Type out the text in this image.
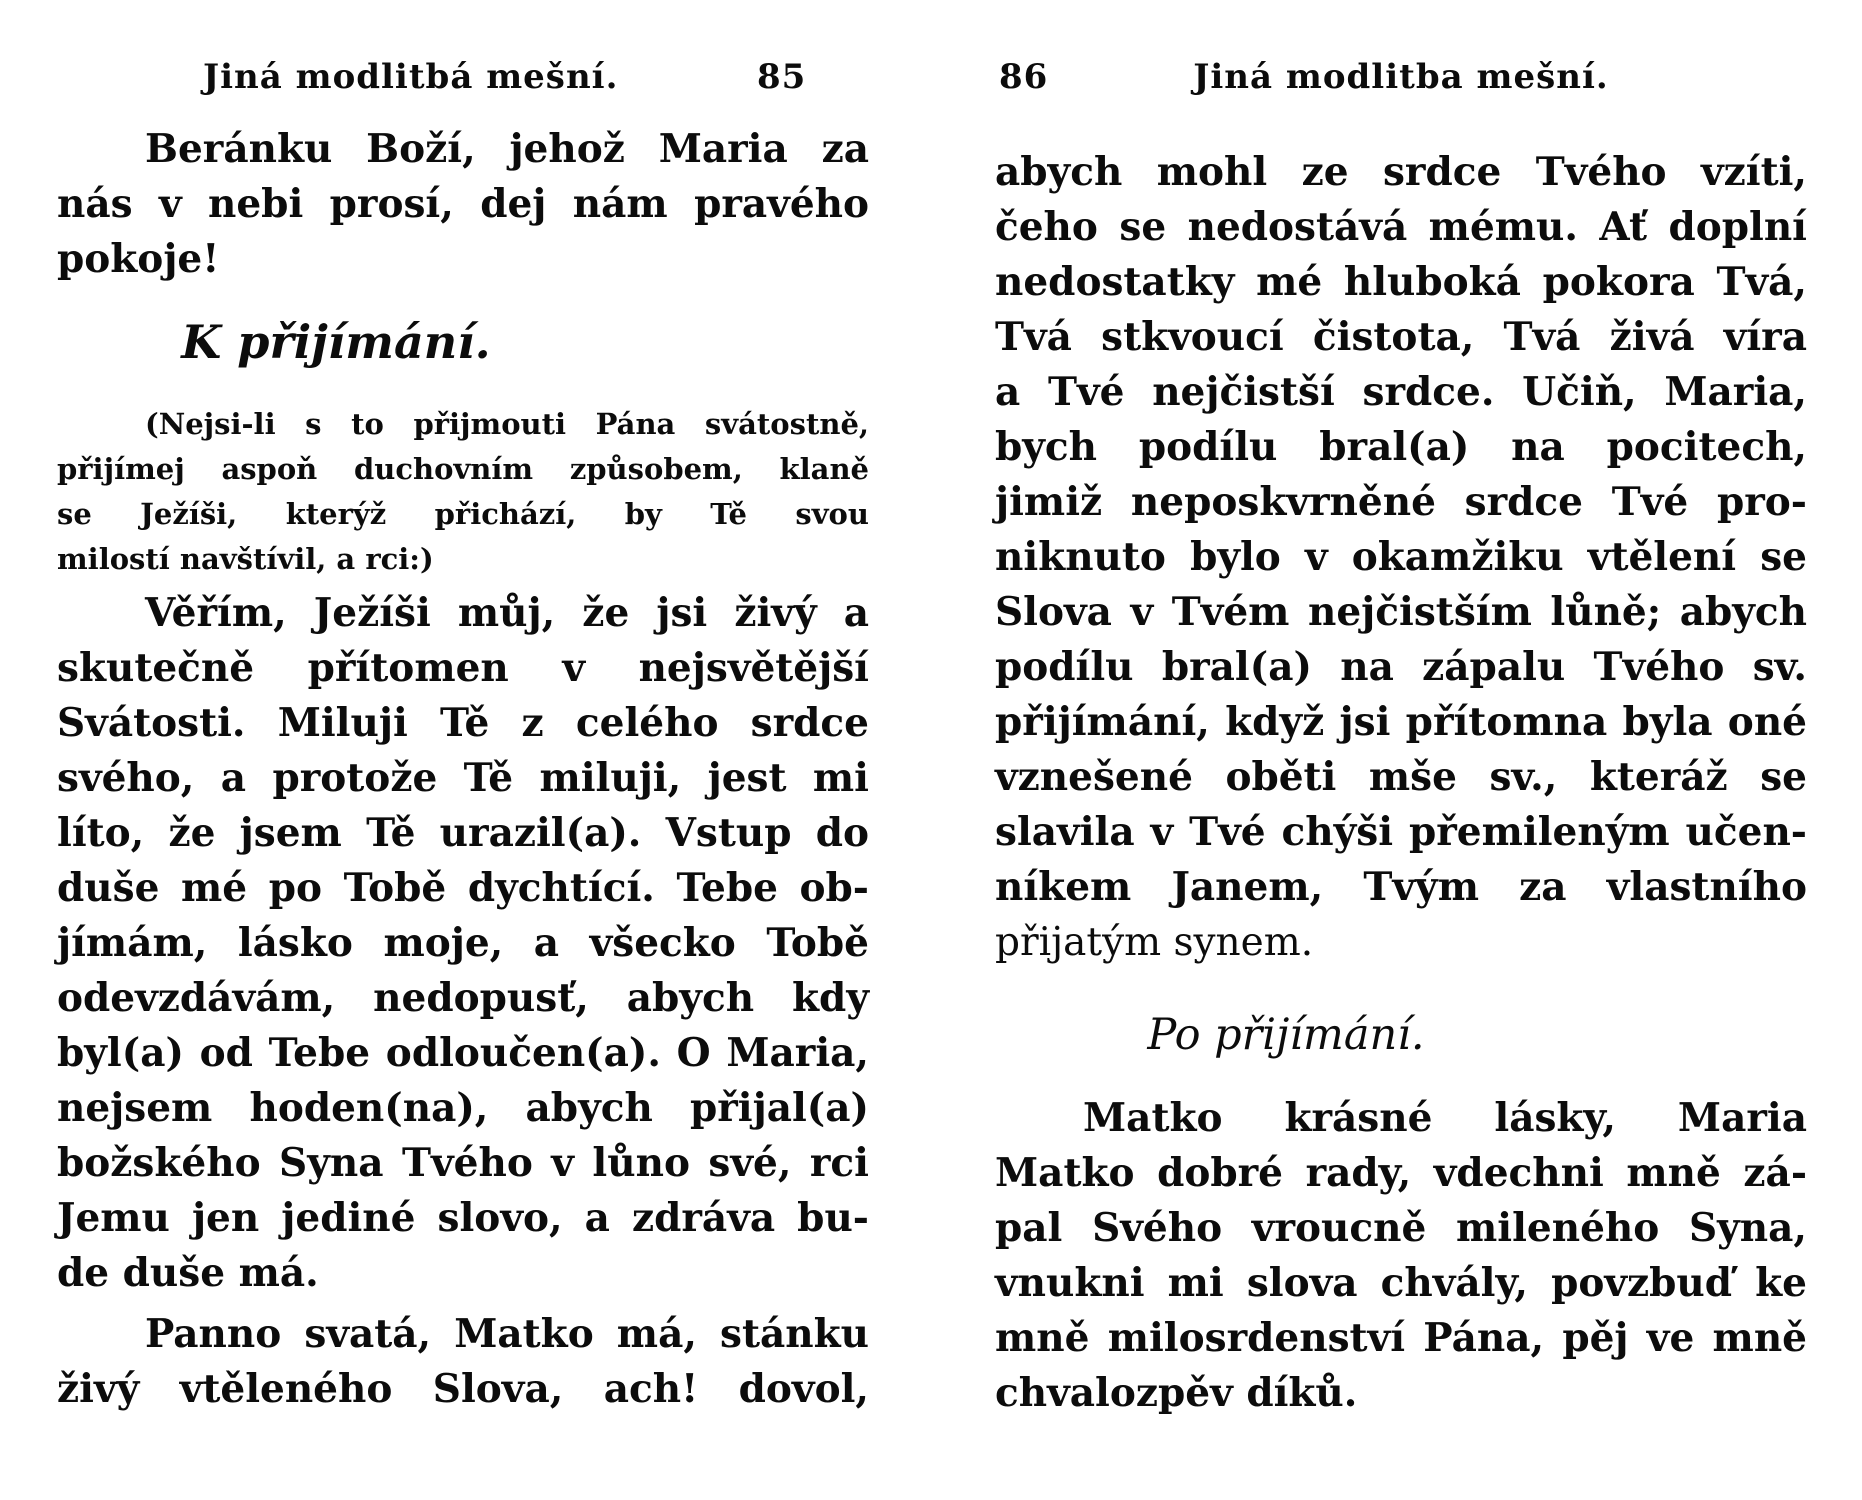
Jiná modlitbá mešní.	85
Beránku Boží, jehož Maria za
nás v nebi prosí, dej nám pravého
pokoje!
K přijímání.
(Nejsi-li s to přijmouti Pána svátostně,
přijímej aspoň duchovním způsobem, klaně
se Ježíši, kterýž přichází, by Tě svou
milostí navštívil, a rci:)
Věřím, Ježíši můj, že jsi živý a
skutečně přítomen v nejsvětější
Svátosti. Miluji Tě z celého srdce
svého, a protože Tě miluji, jest mi
líto, že jsem Tě urazil(a). Vstup do
duše mé po Tobě dychtící. Tebe ob-
jímám, lásko moje, a všecko Tobě
odevzdávám, nedopusť, abych kdy
byl(a) od Tebe odloučen(a). O Maria,
nejsem hoden(na), abych přijal(a)
božského Syna Tvého v lůno své, rci
Jemu jen jediné slovo, a zdráva bu-
de duše má.
Panno svatá, Matko má, stánku
živý vtěleného Slova, ach! dovol,
86	Jiná modlitba mešní.
abych mohl ze srdce Tvého vzíti,
čeho se nedostává mému. Ať doplní
nedostatky mé hluboká pokora Tvá,
Tvá stkvoucí čistota, Tvá živá víra
a Tvé nejčistší srdce. Učiň, Maria,
bych podílu bral(a) na pocitech,
jimiž neposkvrněné srdce Tvé pro-
niknuto bylo v okamžiku vtělení se
Slova v Tvém nejčistším lůně; abych
podílu bral(a) na zápalu Tvého sv.
přijímání, když jsi přítomna byla oné
vznešené oběti mše sv., kteráž se
slavila v Tvé chýši přemileným učen-
níkem Janem, Tvým za vlastního
přijatým synem.
Po přijímání.
Matko krásné lásky, Maria
Matko dobré rady, vdechni mně zá-
pal Svého vroucně mileného Syna,
vnukni mi slova chvály, povzbuď ke
mně milosrdenství Pána, pěj ve mně
chvalozpěv díků.
